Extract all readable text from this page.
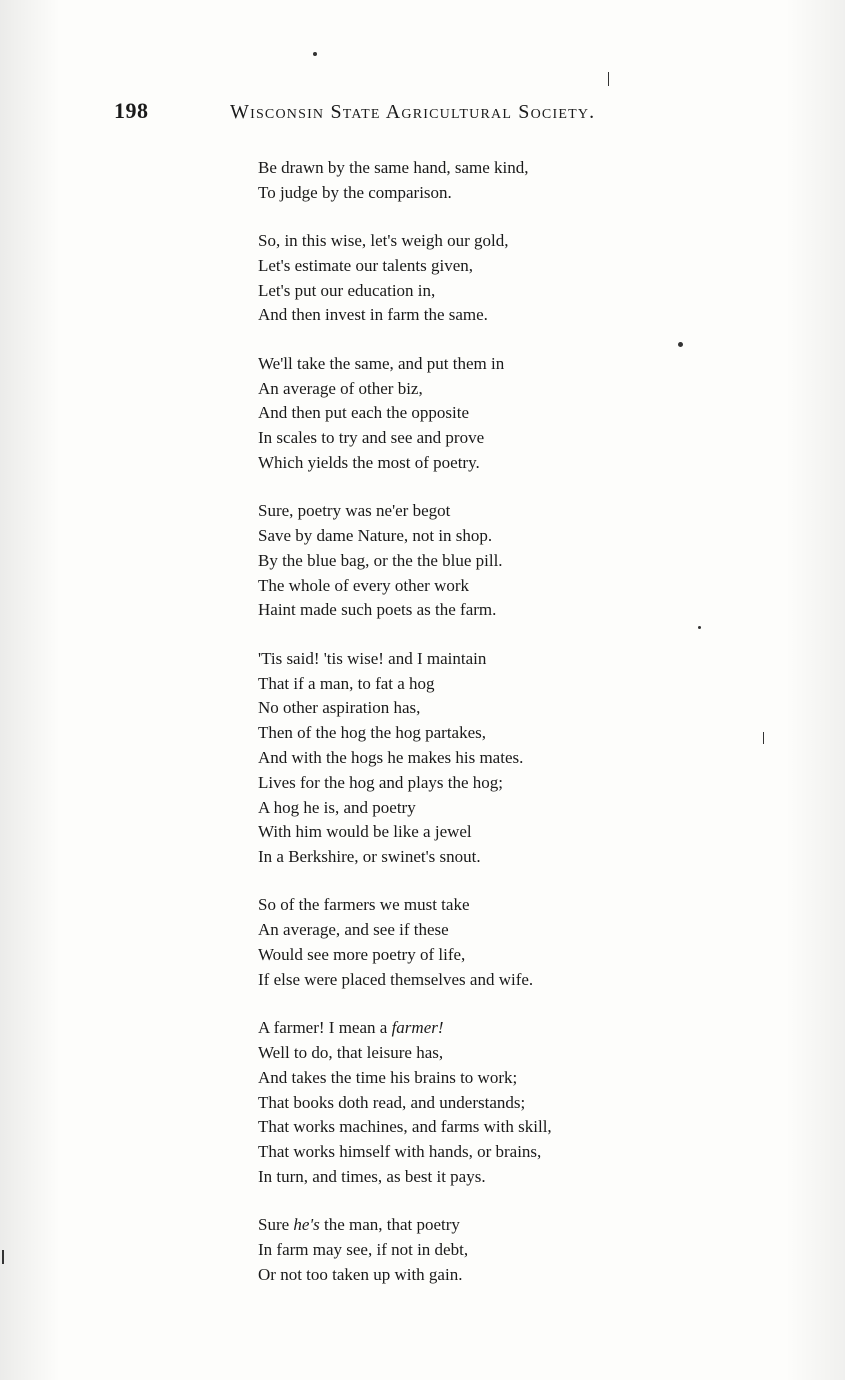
198	Wisconsin State Agricultural Society.
Be drawn by the same hand, same kind,
To judge by the comparison.
So, in this wise, let's weigh our gold,
Let's estimate our talents given,
Let's put our education in,
And then invest in farm the same.
We'll take the same, and put them in
An average of other biz,
And then put each the opposite
In scales to try and see and prove
Which yields the most of poetry.
Sure, poetry was ne'er begot
Save by dame Nature, not in shop.
By the blue bag, or the the blue pill.
The whole of every other work
Haint made such poets as the farm.
'Tis said! 'tis wise! and I maintain
That if a man, to fat a hog
No other aspiration has,
Then of the hog the hog partakes,
And with the hogs he makes his mates.
Lives for the hog and plays the hog;
A hog he is, and poetry
With him would be like a jewel
In a Berkshire, or swinet's snout.
So of the farmers we must take
An average, and see if these
Would see more poetry of life,
If else were placed themselves and wife.
A farmer! I mean a farmer!
Well to do, that leisure has,
And takes the time his brains to work;
That books doth read, and understands;
That works machines, and farms with skill,
That works himself with hands, or brains,
In turn, and times, as best it pays.
Sure he's the man, that poetry
In farm may see, if not in debt,
Or not too taken up with gain.
